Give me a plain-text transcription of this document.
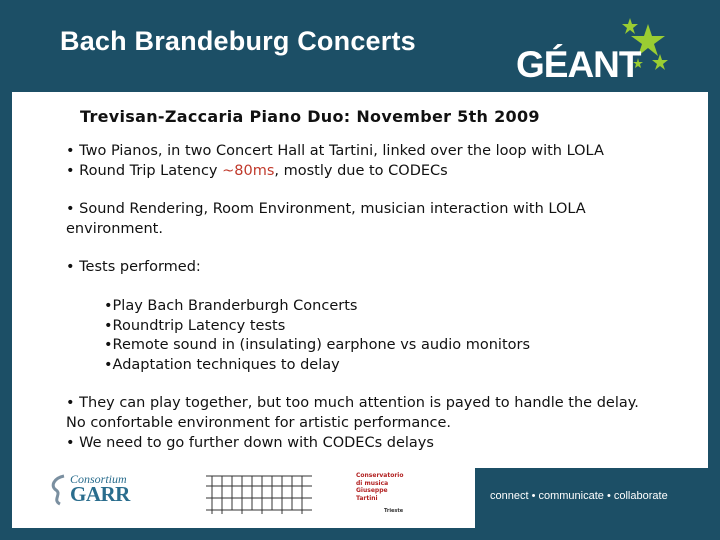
Bach Brandeburg Concerts
GÉANT
Trevisan-Zaccaria Piano Duo: November 5th 2009

• Two Pianos, in two Concert Hall at Tartini, linked over the loop with LOLA

• Round Trip Latency ~80ms, mostly due to CODECs

• Sound Rendering, Room Environment, musician interaction with LOLA

environment.

• Tests performed:

•Play Bach Branderburgh Concerts

•Roundtrip Latency tests

•Remote sound in (insulating) earphone vs audio monitors

•Adaptation techniques to delay

• They can play together, but too much attention is payed to handle the delay.

No confortable environment for artistic performance.

• We need to go further down with CODECs delays

Consortium
GARR
Conservatorio
di musica
Giuseppe
Tartini
Trieste
connect • communicate • collaborate
